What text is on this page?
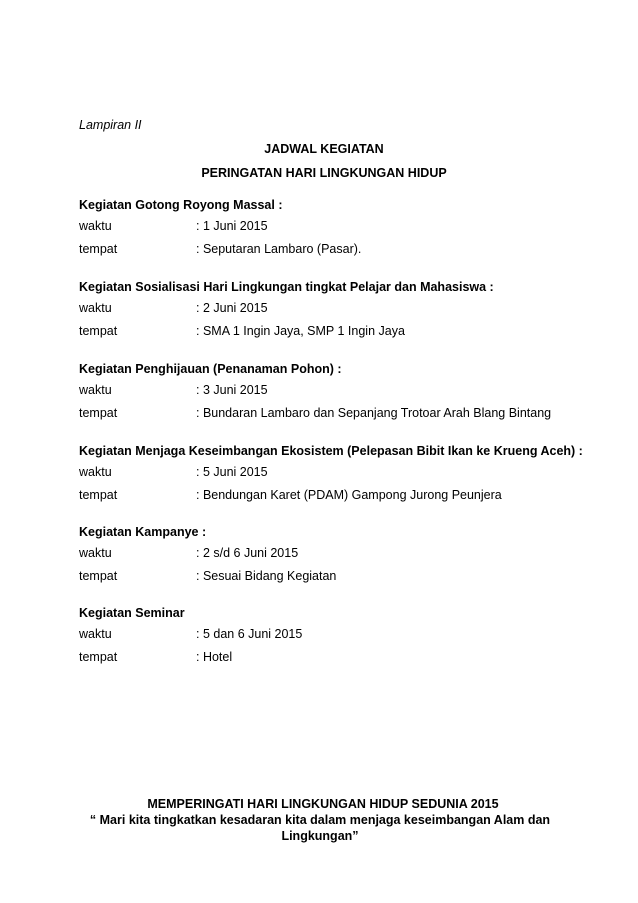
Lampiran II
JADWAL KEGIATAN
PERINGATAN HARI LINGKUNGAN HIDUP
Kegiatan Gotong Royong Massal :
waktu	: 1 Juni 2015
tempat	: Seputaran Lambaro (Pasar).
Kegiatan Sosialisasi Hari Lingkungan tingkat Pelajar dan Mahasiswa :
waktu	: 2 Juni 2015
tempat	: SMA 1 Ingin Jaya, SMP 1 Ingin Jaya
Kegiatan Penghijauan (Penanaman Pohon) :
waktu	: 3 Juni 2015
tempat	: Bundaran Lambaro dan Sepanjang Trotoar Arah Blang Bintang
Kegiatan Menjaga Keseimbangan Ekosistem (Pelepasan Bibit Ikan ke Krueng Aceh) :
waktu	: 5 Juni 2015
tempat	: Bendungan Karet (PDAM) Gampong Jurong Peunjera
Kegiatan Kampanye :
waktu	: 2 s/d 6 Juni 2015
tempat	: Sesuai Bidang Kegiatan
Kegiatan Seminar
waktu	: 5 dan 6 Juni 2015
tempat	: Hotel
MEMPERINGATI HARI LINGKUNGAN HIDUP SEDUNIA 2015
“ Mari kita tingkatkan kesadaran kita dalam menjaga keseimbangan Alam dan Lingkungan”
